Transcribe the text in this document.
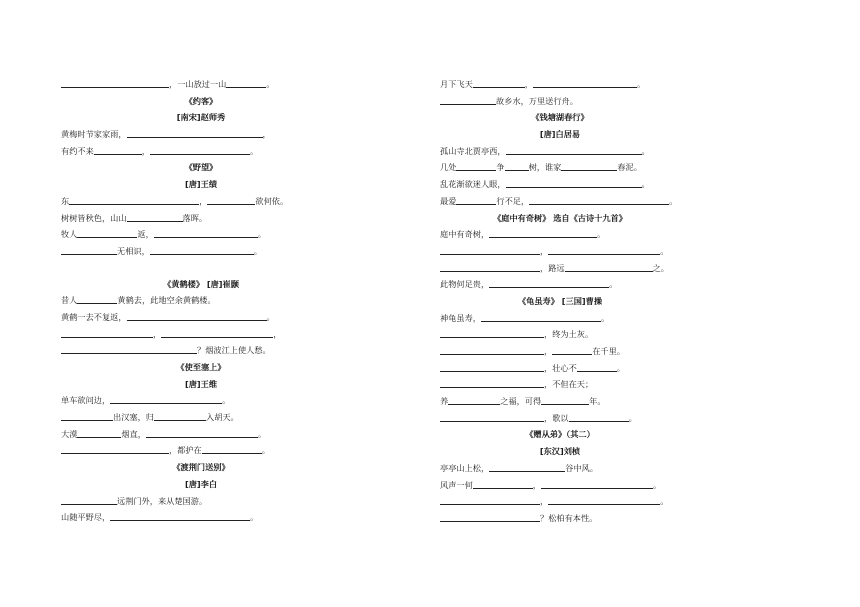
，一山放过一山	。
《约客》
[南宋]赵师秀
黄梅时节家家雨，	，
有约不来	，	。
《野望》
[唐]王绩
东	，	欲何依。
树树皆秋色，山山	落晖。
牧人	返，	。
无相识，	。
《黄鹤楼》 [唐]崔颢
昔人	黄鹤去，此地空余黄鹤楼。
黄鹤一去不复返，	。
，	，
？烟波江上使人愁。
《使至塞上》
[唐]王维
单车欲问边，	。
出汉塞，归	入胡天。
大漠	烟直，	。
，都护在	。
《渡荆门送别》
[唐]李白
远荆门外，来从楚国游。
山随平野尽，	。
月下飞天	，	。
故乡水，万里送行舟。
《钱塘湖春行》
[唐]白居易
孤山寺北贾亭西，	。
几处	争	树，谁家	春泥。
乱花渐欲迷人眼，	。
最爱	行不足，	。
《庭中有奇树》 选自《古诗十九首》
庭中有奇树，	。
，	。
，路远	之。
此物何足贵，	。
《龟虽寿》 [三国]曹操
神龟虽寿，	。
，终为土灰。
，	在千里。
，壮心不	。
，不但在天；
养	之福，可得	年。
，歌以	。
《赠从弟》（其二）
[东汉]刘桢
亭亭山上松，	谷中风。
风声一何	，	。
，	。
？松柏有本性。
